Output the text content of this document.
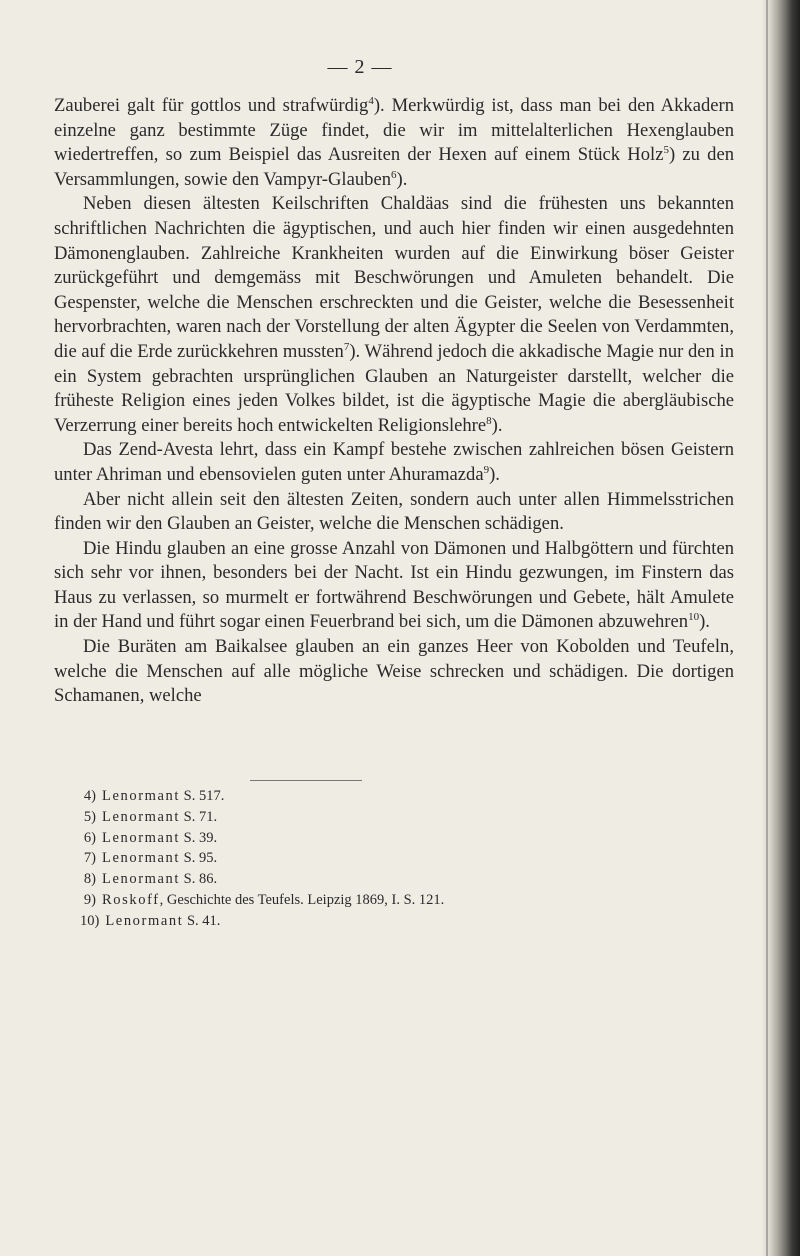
— 2 —

Zauberei galt für gottlos und strafwürdig$^4$). Merkwürdig ist, dass man bei den Akkadern einzelne ganz bestimmte Züge findet, die wir im mittelalterlichen Hexenglauben wiedertreffen, so zum Beispiel das Ausreiten der Hexen auf einem Stück Holz$^5$) zu den Versammlungen, sowie den Vampyr-Glauben$^6$).

Neben diesen ältesten Keilschriften Chaldäas sind die frühesten uns bekannten schriftlichen Nachrichten die ägyptischen, und auch hier finden wir einen ausgedehnten Dämonenglauben. Zahlreiche Krankheiten wurden auf die Einwirkung böser Geister zurückgeführt und demgemäss mit Beschwörungen und Amuleten behandelt. Die Gespenster, welche die Menschen erschreckten und die Geister, welche die Besessenheit hervorbrachten, waren nach der Vorstellung der alten Ägypter die Seelen von Verdammten, die auf die Erde zurückkehren mussten$^7$). Während jedoch die akkadische Magie nur den in ein System gebrachten ursprünglichen Glauben an Naturgeister darstellt, welcher die früheste Religion eines jeden Volkes bildet, ist die ägyptische Magie die abergläubische Verzerrung einer bereits hoch entwickelten Religionslehre$^8$).

Das Zend-Avesta lehrt, dass ein Kampf bestehe zwischen zahlreichen bösen Geistern unter Ahriman und ebensovielen guten unter Ahuramazda$^9$).

Aber nicht allein seit den ältesten Zeiten, sondern auch unter allen Himmelsstrichen finden wir den Glauben an Geister, welche die Menschen schädigen.

Die Hindu glauben an eine grosse Anzahl von Dämonen und Halbgöttern und fürchten sich sehr vor ihnen, besonders bei der Nacht. Ist ein Hindu gezwungen, im Finstern das Haus zu verlassen, so murmelt er fortwährend Beschwörungen und Gebete, hält Amulete in der Hand und führt sogar einen Feuerbrand bei sich, um die Dämonen abzuwehren$^{10}$).

Die Buräten am Baikalsee glauben an ein ganzes Heer von Kobolden und Teufeln, welche die Menschen auf alle mögliche Weise schrecken und schädigen. Die dortigen Schamanen, welche

4) Lenormant S. 517.
5) Lenormant S. 71.
6) Lenormant S. 39.
7) Lenormant S. 95.
8) Lenormant S. 86.
9) Roskoff, Geschichte des Teufels. Leipzig 1869, I. S. 121.
10) Lenormant S. 41.
